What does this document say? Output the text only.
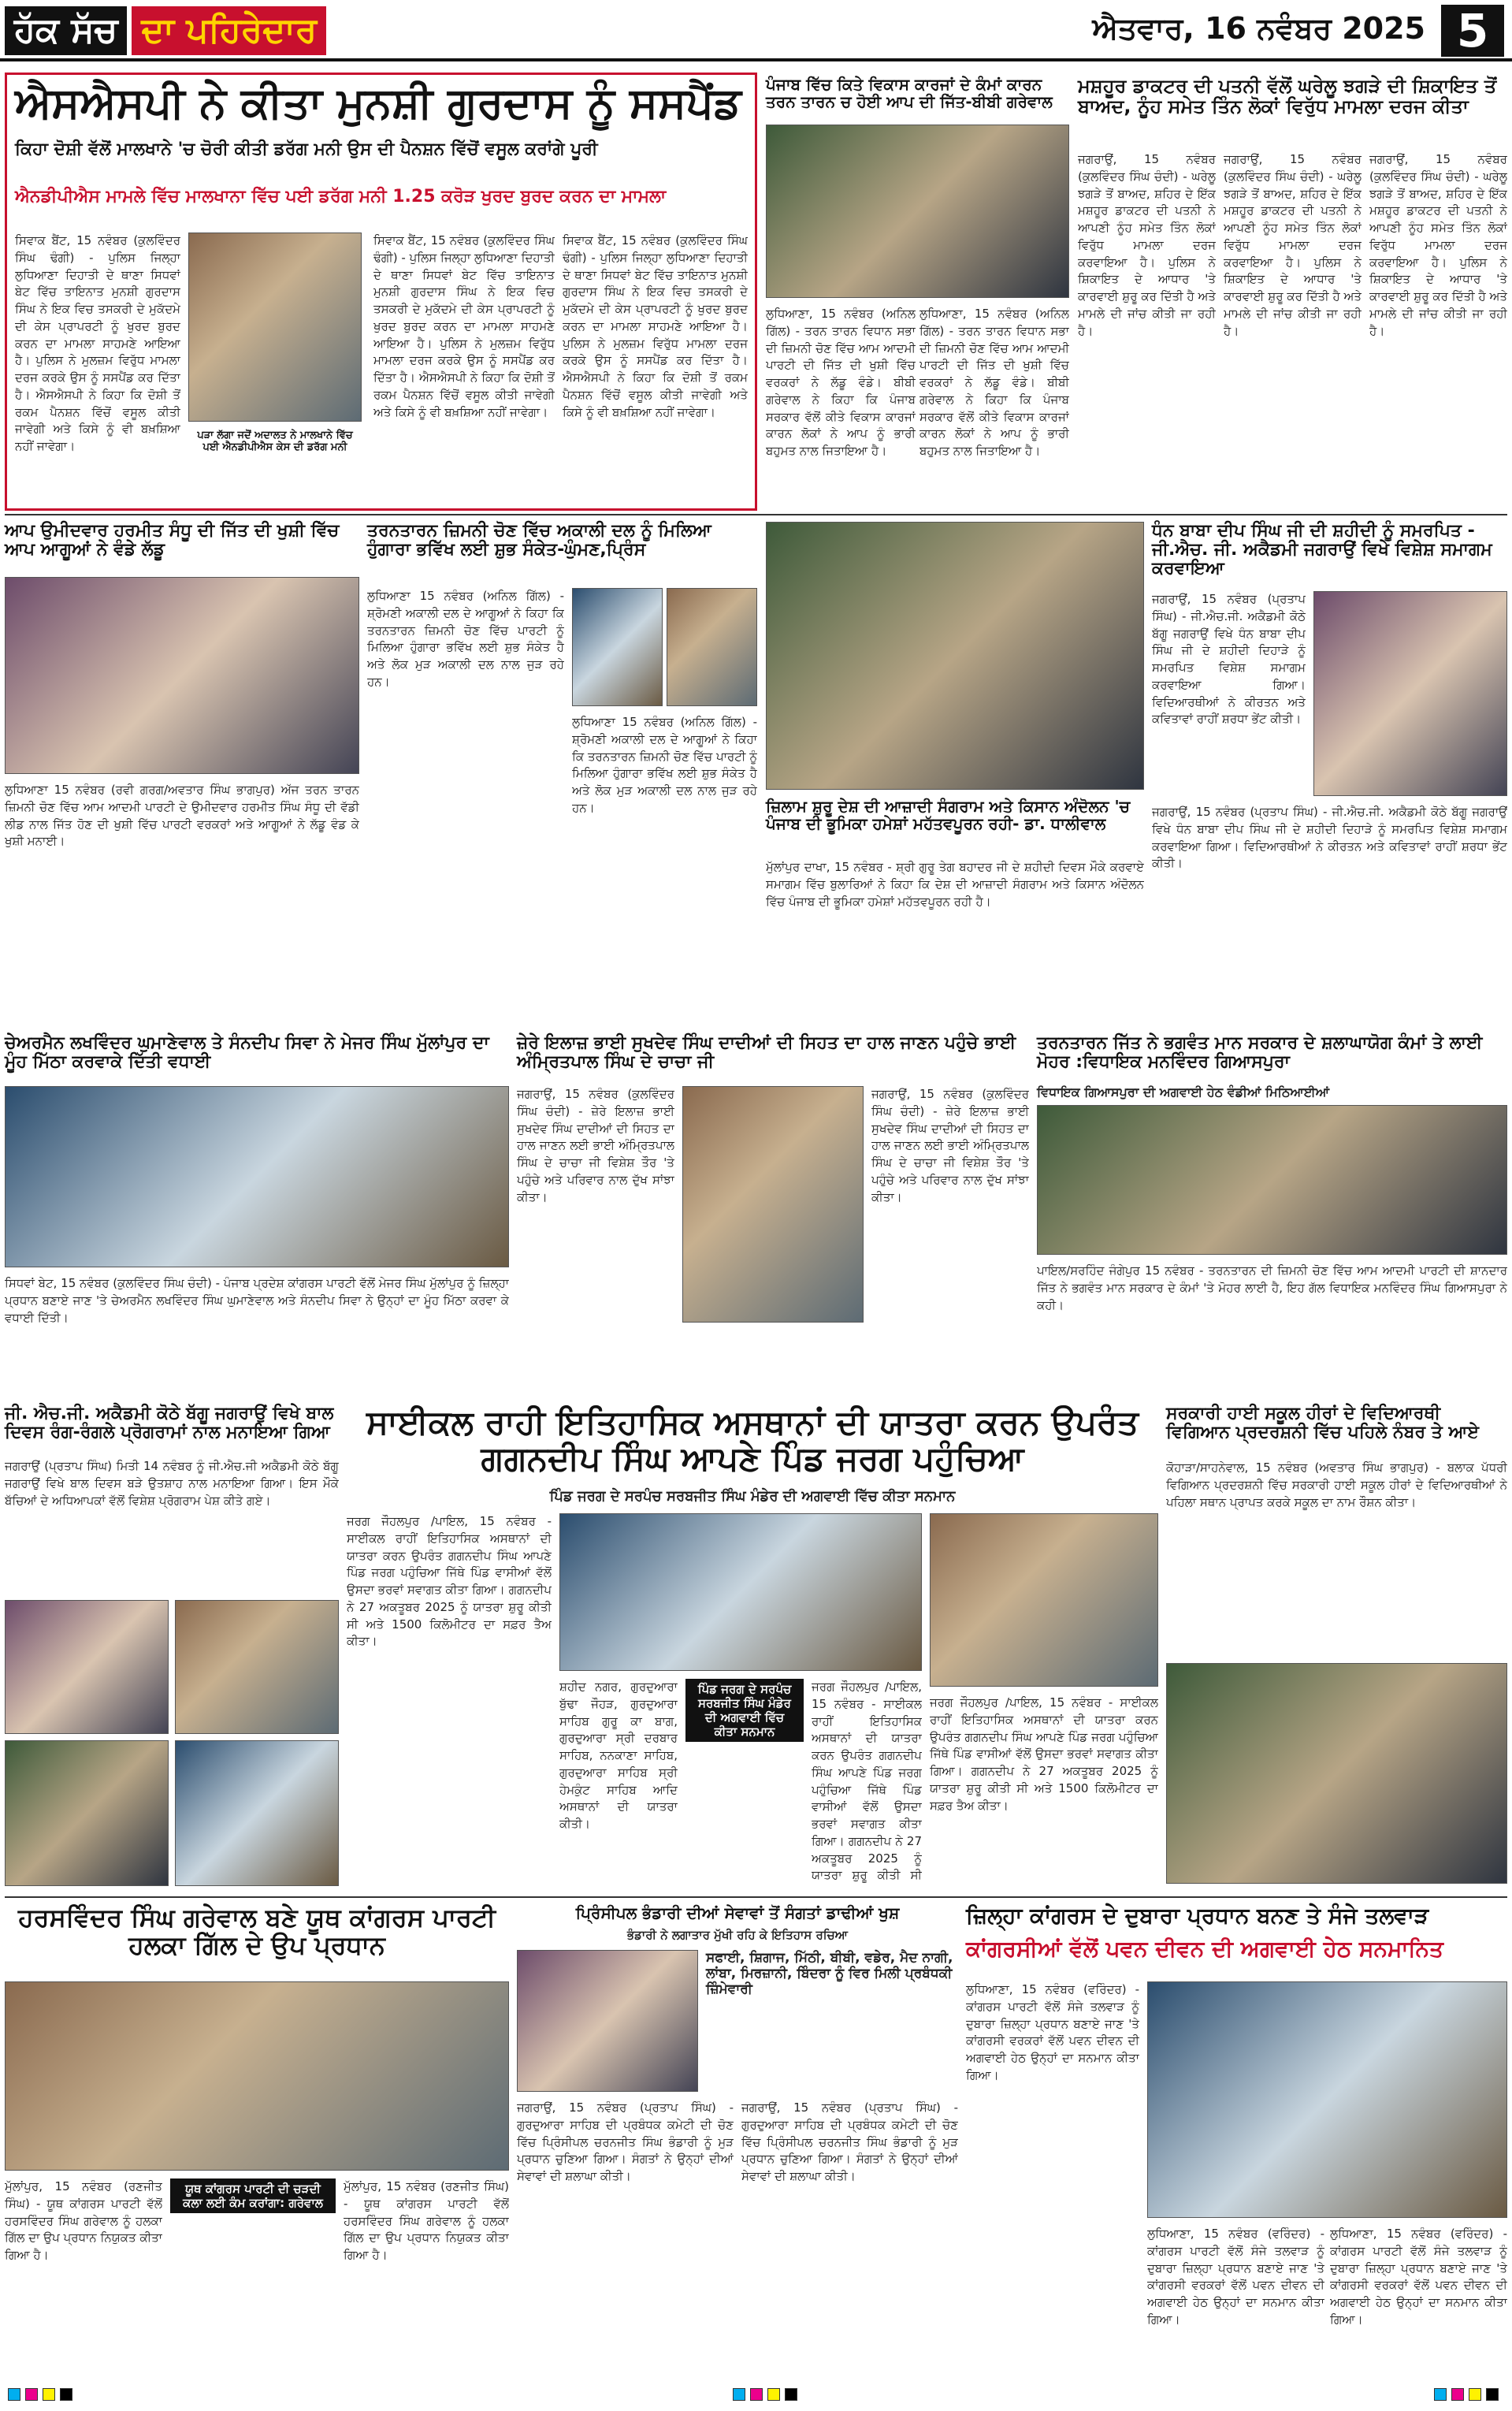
ਹੱਕ ਸੱਚ ਦਾ ਪਹਿਰੇਦਾਰ	ਐਤਵਾਰ, 16 ਨਵੰਬਰ 2025 5
ਐਸਐਸਪੀ ਨੇ ਕੀਤਾ ਮੁਨਸ਼ੀ ਗੁਰਦਾਸ ਨੂੰ ਸਸਪੈਂਡ
ਕਿਹਾ ਦੋਸ਼ੀ ਵੱਲੋਂ ਮਾਲਖਾਨੇ 'ਚ ਚੋਰੀ ਕੀਤੀ ਡਰੱਗ ਮਨੀ ਉਸ ਦੀ ਪੈਨਸ਼ਨ ਵਿੱਚੋਂ ਵਸੂਲ ਕਰਾਂਗੇ ਪੂਰੀ
ਐਨਡੀਪੀਐਸ ਮਾਮਲੇ ਵਿੱਚ ਮਾਲਖਾਨਾ ਵਿੱਚ ਪਈ ਡਰੱਗ ਮਨੀ 1.25 ਕਰੋੜ ਖੁਰਦ ਬੁਰਦ ਕਰਨ ਦਾ ਮਾਮਲਾ
ਸਿਵਾਕ ਬੈਂਟ, 15 ਨਵੰਬਰ (ਕੁਲਵਿੰਦਰ ਸਿੰਘ ਢੰਗੀ) - ਪੁਲਿਸ ਜਿਲ੍ਹਾ ਲੁਧਿਆਣਾ ਦਿਹਾਤੀ ਦੇ ਥਾਣਾ ਸਿਧਵਾਂ ਬੇਟ ਵਿੱਚ ਤਾਇਨਾਤ ਮੁਨਸ਼ੀ ਗੁਰਦਾਸ ਸਿੰਘ ਨੇ ਇਕ ਵਿਚ ਤਸਕਰੀ ਦੇ ਮੁਕੱਦਮੇ ਦੀ ਕੇਸ ਪ੍ਰਾਪਰਟੀ ਨੂੰ ਖੁਰਦ ਬੁਰਦ ਕਰਨ ਦਾ ਮਾਮਲਾ ਸਾਹਮਣੇ ਆਇਆ ਹੈ। ਪੁਲਿਸ ਨੇ ਮੁਲਜ਼ਮ ਵਿਰੁੱਧ ਮਾਮਲਾ ਦਰਜ ਕਰਕੇ ਉਸ ਨੂੰ ਸਸਪੈਂਡ ਕਰ ਦਿੱਤਾ ਹੈ। ਐਸਐਸਪੀ ਨੇ ਕਿਹਾ ਕਿ ਦੋਸ਼ੀ ਤੋਂ ਰਕਮ ਪੈਨਸ਼ਨ ਵਿੱਚੋਂ ਵਸੂਲ ਕੀਤੀ ਜਾਵੇਗੀ ਅਤੇ ਕਿਸੇ ਨੂੰ ਵੀ ਬਖ਼ਸ਼ਿਆ ਨਹੀਂ ਜਾਵੇਗਾ।
ਪੜਾ ਲੱਗਾ ਜਦੋਂ ਅਦਾਲਤ ਨੇ ਮਾਲਖਾਨੇ ਵਿੱਚ ਪਈ ਐਨਡੀਪੀਐਸ ਕੇਸ ਦੀ ਡਰੱਗ ਮਨੀ
ਸਿਵਾਕ ਬੈਂਟ, 15 ਨਵੰਬਰ (ਕੁਲਵਿੰਦਰ ਸਿੰਘ ਢੰਗੀ) - ਪੁਲਿਸ ਜਿਲ੍ਹਾ ਲੁਧਿਆਣਾ ਦਿਹਾਤੀ ਦੇ ਥਾਣਾ ਸਿਧਵਾਂ ਬੇਟ ਵਿੱਚ ਤਾਇਨਾਤ ਮੁਨਸ਼ੀ ਗੁਰਦਾਸ ਸਿੰਘ ਨੇ ਇਕ ਵਿਚ ਤਸਕਰੀ ਦੇ ਮੁਕੱਦਮੇ ਦੀ ਕੇਸ ਪ੍ਰਾਪਰਟੀ ਨੂੰ ਖੁਰਦ ਬੁਰਦ ਕਰਨ ਦਾ ਮਾਮਲਾ ਸਾਹਮਣੇ ਆਇਆ ਹੈ। ਪੁਲਿਸ ਨੇ ਮੁਲਜ਼ਮ ਵਿਰੁੱਧ ਮਾਮਲਾ ਦਰਜ ਕਰਕੇ ਉਸ ਨੂੰ ਸਸਪੈਂਡ ਕਰ ਦਿੱਤਾ ਹੈ। ਐਸਐਸਪੀ ਨੇ ਕਿਹਾ ਕਿ ਦੋਸ਼ੀ ਤੋਂ ਰਕਮ ਪੈਨਸ਼ਨ ਵਿੱਚੋਂ ਵਸੂਲ ਕੀਤੀ ਜਾਵੇਗੀ ਅਤੇ ਕਿਸੇ ਨੂੰ ਵੀ ਬਖ਼ਸ਼ਿਆ ਨਹੀਂ ਜਾਵੇਗਾ।
ਸਿਵਾਕ ਬੈਂਟ, 15 ਨਵੰਬਰ (ਕੁਲਵਿੰਦਰ ਸਿੰਘ ਢੰਗੀ) - ਪੁਲਿਸ ਜਿਲ੍ਹਾ ਲੁਧਿਆਣਾ ਦਿਹਾਤੀ ਦੇ ਥਾਣਾ ਸਿਧਵਾਂ ਬੇਟ ਵਿੱਚ ਤਾਇਨਾਤ ਮੁਨਸ਼ੀ ਗੁਰਦਾਸ ਸਿੰਘ ਨੇ ਇਕ ਵਿਚ ਤਸਕਰੀ ਦੇ ਮੁਕੱਦਮੇ ਦੀ ਕੇਸ ਪ੍ਰਾਪਰਟੀ ਨੂੰ ਖੁਰਦ ਬੁਰਦ ਕਰਨ ਦਾ ਮਾਮਲਾ ਸਾਹਮਣੇ ਆਇਆ ਹੈ। ਪੁਲਿਸ ਨੇ ਮੁਲਜ਼ਮ ਵਿਰੁੱਧ ਮਾਮਲਾ ਦਰਜ ਕਰਕੇ ਉਸ ਨੂੰ ਸਸਪੈਂਡ ਕਰ ਦਿੱਤਾ ਹੈ। ਐਸਐਸਪੀ ਨੇ ਕਿਹਾ ਕਿ ਦੋਸ਼ੀ ਤੋਂ ਰਕਮ ਪੈਨਸ਼ਨ ਵਿੱਚੋਂ ਵਸੂਲ ਕੀਤੀ ਜਾਵੇਗੀ ਅਤੇ ਕਿਸੇ ਨੂੰ ਵੀ ਬਖ਼ਸ਼ਿਆ ਨਹੀਂ ਜਾਵੇਗਾ।
ਪੰਜਾਬ ਵਿੱਚ ਕਿਤੇ ਵਿਕਾਸ ਕਾਰਜਾਂ ਦੇ ਕੰਮਾਂ ਕਾਰਨ ਤਰਨ ਤਾਰਨ ਚ ਹੋਈ ਆਪ ਦੀ ਜਿੱਤ-ਬੀਬੀ ਗਰੇਵਾਲ
ਲੁਧਿਆਣਾ, 15 ਨਵੰਬਰ (ਅਨਿਲ ਗਿੱਲ) - ਤਰਨ ਤਾਰਨ ਵਿਧਾਨ ਸਭਾ ਦੀ ਜ਼ਿਮਨੀ ਚੋਣ ਵਿੱਚ ਆਮ ਆਦਮੀ ਪਾਰਟੀ ਦੀ ਜਿੱਤ ਦੀ ਖੁਸ਼ੀ ਵਿੱਚ ਵਰਕਰਾਂ ਨੇ ਲੱਡੂ ਵੰਡੇ। ਬੀਬੀ ਗਰੇਵਾਲ ਨੇ ਕਿਹਾ ਕਿ ਪੰਜਾਬ ਸਰਕਾਰ ਵੱਲੋਂ ਕੀਤੇ ਵਿਕਾਸ ਕਾਰਜਾਂ ਕਾਰਨ ਲੋਕਾਂ ਨੇ ਆਪ ਨੂੰ ਭਾਰੀ ਬਹੁਮਤ ਨਾਲ ਜਿਤਾਇਆ ਹੈ।
ਲੁਧਿਆਣਾ, 15 ਨਵੰਬਰ (ਅਨਿਲ ਗਿੱਲ) - ਤਰਨ ਤਾਰਨ ਵਿਧਾਨ ਸਭਾ ਦੀ ਜ਼ਿਮਨੀ ਚੋਣ ਵਿੱਚ ਆਮ ਆਦਮੀ ਪਾਰਟੀ ਦੀ ਜਿੱਤ ਦੀ ਖੁਸ਼ੀ ਵਿੱਚ ਵਰਕਰਾਂ ਨੇ ਲੱਡੂ ਵੰਡੇ। ਬੀਬੀ ਗਰੇਵਾਲ ਨੇ ਕਿਹਾ ਕਿ ਪੰਜਾਬ ਸਰਕਾਰ ਵੱਲੋਂ ਕੀਤੇ ਵਿਕਾਸ ਕਾਰਜਾਂ ਕਾਰਨ ਲੋਕਾਂ ਨੇ ਆਪ ਨੂੰ ਭਾਰੀ ਬਹੁਮਤ ਨਾਲ ਜਿਤਾਇਆ ਹੈ।
ਮਸ਼ਹੂਰ ਡਾਕਟਰ ਦੀ ਪਤਨੀ ਵੱਲੋਂ ਘਰੇਲੂ ਝਗੜੇ ਦੀ ਸ਼ਿਕਾਇਤ ਤੋਂ ਬਾਅਦ, ਨੂੰਹ ਸਮੇਤ ਤਿੰਨ ਲੋਕਾਂ ਵਿਰੁੱਧ ਮਾਮਲਾ ਦਰਜ ਕੀਤਾ
ਜਗਰਾਉਂ, 15 ਨਵੰਬਰ (ਕੁਲਵਿੰਦਰ ਸਿੰਘ ਚੰਦੀ) - ਘਰੇਲੂ ਝਗੜੇ ਤੋਂ ਬਾਅਦ, ਸ਼ਹਿਰ ਦੇ ਇੱਕ ਮਸ਼ਹੂਰ ਡਾਕਟਰ ਦੀ ਪਤਨੀ ਨੇ ਆਪਣੀ ਨੂੰਹ ਸਮੇਤ ਤਿੰਨ ਲੋਕਾਂ ਵਿਰੁੱਧ ਮਾਮਲਾ ਦਰਜ ਕਰਵਾਇਆ ਹੈ। ਪੁਲਿਸ ਨੇ ਸ਼ਿਕਾਇਤ ਦੇ ਆਧਾਰ 'ਤੇ ਕਾਰਵਾਈ ਸ਼ੁਰੂ ਕਰ ਦਿੱਤੀ ਹੈ ਅਤੇ ਮਾਮਲੇ ਦੀ ਜਾਂਚ ਕੀਤੀ ਜਾ ਰਹੀ ਹੈ।
ਜਗਰਾਉਂ, 15 ਨਵੰਬਰ (ਕੁਲਵਿੰਦਰ ਸਿੰਘ ਚੰਦੀ) - ਘਰੇਲੂ ਝਗੜੇ ਤੋਂ ਬਾਅਦ, ਸ਼ਹਿਰ ਦੇ ਇੱਕ ਮਸ਼ਹੂਰ ਡਾਕਟਰ ਦੀ ਪਤਨੀ ਨੇ ਆਪਣੀ ਨੂੰਹ ਸਮੇਤ ਤਿੰਨ ਲੋਕਾਂ ਵਿਰੁੱਧ ਮਾਮਲਾ ਦਰਜ ਕਰਵਾਇਆ ਹੈ। ਪੁਲਿਸ ਨੇ ਸ਼ਿਕਾਇਤ ਦੇ ਆਧਾਰ 'ਤੇ ਕਾਰਵਾਈ ਸ਼ੁਰੂ ਕਰ ਦਿੱਤੀ ਹੈ ਅਤੇ ਮਾਮਲੇ ਦੀ ਜਾਂਚ ਕੀਤੀ ਜਾ ਰਹੀ ਹੈ।
ਜਗਰਾਉਂ, 15 ਨਵੰਬਰ (ਕੁਲਵਿੰਦਰ ਸਿੰਘ ਚੰਦੀ) - ਘਰੇਲੂ ਝਗੜੇ ਤੋਂ ਬਾਅਦ, ਸ਼ਹਿਰ ਦੇ ਇੱਕ ਮਸ਼ਹੂਰ ਡਾਕਟਰ ਦੀ ਪਤਨੀ ਨੇ ਆਪਣੀ ਨੂੰਹ ਸਮੇਤ ਤਿੰਨ ਲੋਕਾਂ ਵਿਰੁੱਧ ਮਾਮਲਾ ਦਰਜ ਕਰਵਾਇਆ ਹੈ। ਪੁਲਿਸ ਨੇ ਸ਼ਿਕਾਇਤ ਦੇ ਆਧਾਰ 'ਤੇ ਕਾਰਵਾਈ ਸ਼ੁਰੂ ਕਰ ਦਿੱਤੀ ਹੈ ਅਤੇ ਮਾਮਲੇ ਦੀ ਜਾਂਚ ਕੀਤੀ ਜਾ ਰਹੀ ਹੈ।
ਆਪ ਉਮੀਦਵਾਰ ਹਰਮੀਤ ਸੰਧੂ ਦੀ ਜਿੱਤ ਦੀ ਖੁਸ਼ੀ ਵਿੱਚ ਆਪ ਆਗੂਆਂ ਨੇ ਵੰਡੇ ਲੱਡੂ
ਲੁਧਿਆਣਾ 15 ਨਵੰਬਰ (ਰਵੀ ਗਰਗ/ਅਵਤਾਰ ਸਿੰਘ ਭਾਗਪੁਰ) ਅੱਜ ਤਰਨ ਤਾਰਨ ਜ਼ਿਮਨੀ ਚੋਣ ਵਿੱਚ ਆਮ ਆਦਮੀ ਪਾਰਟੀ ਦੇ ਉਮੀਦਵਾਰ ਹਰਮੀਤ ਸਿੰਘ ਸੰਧੂ ਦੀ ਵੱਡੀ ਲੀਡ ਨਾਲ ਜਿੱਤ ਹੋਣ ਦੀ ਖੁਸ਼ੀ ਵਿੱਚ ਪਾਰਟੀ ਵਰਕਰਾਂ ਅਤੇ ਆਗੂਆਂ ਨੇ ਲੱਡੂ ਵੰਡ ਕੇ ਖੁਸ਼ੀ ਮਨਾਈ।
ਤਰਨਤਾਰਨ ਜ਼ਿਮਨੀ ਚੋਣ ਵਿੱਚ ਅਕਾਲੀ ਦਲ ਨੂੰ ਮਿਲਿਆ ਹੁੰਗਾਰਾ ਭਵਿੱਖ ਲਈ ਸ਼ੁਭ ਸੰਕੇਤ-ਘੁੰਮਣ,ਪ੍ਰਿੰਸ
ਲੁਧਿਆਣਾ 15 ਨਵੰਬਰ (ਅਨਿਲ ਗਿੱਲ) - ਸ਼੍ਰੋਮਣੀ ਅਕਾਲੀ ਦਲ ਦੇ ਆਗੂਆਂ ਨੇ ਕਿਹਾ ਕਿ ਤਰਨਤਾਰਨ ਜ਼ਿਮਨੀ ਚੋਣ ਵਿੱਚ ਪਾਰਟੀ ਨੂੰ ਮਿਲਿਆ ਹੁੰਗਾਰਾ ਭਵਿੱਖ ਲਈ ਸ਼ੁਭ ਸੰਕੇਤ ਹੈ ਅਤੇ ਲੋਕ ਮੁੜ ਅਕਾਲੀ ਦਲ ਨਾਲ ਜੁੜ ਰਹੇ ਹਨ।
ਲੁਧਿਆਣਾ 15 ਨਵੰਬਰ (ਅਨਿਲ ਗਿੱਲ) - ਸ਼੍ਰੋਮਣੀ ਅਕਾਲੀ ਦਲ ਦੇ ਆਗੂਆਂ ਨੇ ਕਿਹਾ ਕਿ ਤਰਨਤਾਰਨ ਜ਼ਿਮਨੀ ਚੋਣ ਵਿੱਚ ਪਾਰਟੀ ਨੂੰ ਮਿਲਿਆ ਹੁੰਗਾਰਾ ਭਵਿੱਖ ਲਈ ਸ਼ੁਭ ਸੰਕੇਤ ਹੈ ਅਤੇ ਲੋਕ ਮੁੜ ਅਕਾਲੀ ਦਲ ਨਾਲ ਜੁੜ ਰਹੇ ਹਨ।	ਜ਼ਿਲਾਮ ਸ਼ੁਰੂ ਦੇਸ਼ ਦੀ ਆਜ਼ਾਦੀ ਸੰਗਰਾਮ ਅਤੇ ਕਿਸਾਨ ਅੰਦੋਲਨ 'ਚ ਪੰਜਾਬ ਦੀ ਭੂਮਿਕਾ ਹਮੇਸ਼ਾਂ ਮਹੱਤਵਪੂਰਨ ਰਹੀ- ਡਾ. ਧਾਲੀਵਾਲ
ਮੁੱਲਾਂਪੁਰ ਦਾਖਾ, 15 ਨਵੰਬਰ - ਸ਼੍ਰੀ ਗੁਰੂ ਤੇਗ ਬਹਾਦਰ ਜੀ ਦੇ ਸ਼ਹੀਦੀ ਦਿਵਸ ਮੌਕੇ ਕਰਵਾਏ ਸਮਾਗਮ ਵਿੱਚ ਬੁਲਾਰਿਆਂ ਨੇ ਕਿਹਾ ਕਿ ਦੇਸ਼ ਦੀ ਆਜ਼ਾਦੀ ਸੰਗਰਾਮ ਅਤੇ ਕਿਸਾਨ ਅੰਦੋਲਨ ਵਿੱਚ ਪੰਜਾਬ ਦੀ ਭੂਮਿਕਾ ਹਮੇਸ਼ਾਂ ਮਹੱਤਵਪੂਰਨ ਰਹੀ ਹੈ।
ਧੰਨ ਬਾਬਾ ਦੀਪ ਸਿੰਘ ਜੀ ਦੀ ਸ਼ਹੀਦੀ ਨੂੰ ਸਮਰਪਿਤ - ਜੀ.ਐਚ. ਜੀ. ਅਕੈਡਮੀ ਜਗਰਾਉਂ ਵਿਖੇ ਵਿਸ਼ੇਸ਼ ਸਮਾਗਮ ਕਰਵਾਇਆ
ਜਗਰਾਉਂ, 15 ਨਵੰਬਰ (ਪ੍ਰਤਾਪ ਸਿੰਘ) - ਜੀ.ਐਚ.ਜੀ. ਅਕੈਡਮੀ ਕੋਠੇ ਬੱਗੂ ਜਗਰਾਉਂ ਵਿਖੇ ਧੰਨ ਬਾਬਾ ਦੀਪ ਸਿੰਘ ਜੀ ਦੇ ਸ਼ਹੀਦੀ ਦਿਹਾੜੇ ਨੂੰ ਸਮਰਪਿਤ ਵਿਸ਼ੇਸ਼ ਸਮਾਗਮ ਕਰਵਾਇਆ ਗਿਆ। ਵਿਦਿਆਰਥੀਆਂ ਨੇ ਕੀਰਤਨ ਅਤੇ ਕਵਿਤਾਵਾਂ ਰਾਹੀਂ ਸ਼ਰਧਾ ਭੇਂਟ ਕੀਤੀ।
ਜਗਰਾਉਂ, 15 ਨਵੰਬਰ (ਪ੍ਰਤਾਪ ਸਿੰਘ) - ਜੀ.ਐਚ.ਜੀ. ਅਕੈਡਮੀ ਕੋਠੇ ਬੱਗੂ ਜਗਰਾਉਂ ਵਿਖੇ ਧੰਨ ਬਾਬਾ ਦੀਪ ਸਿੰਘ ਜੀ ਦੇ ਸ਼ਹੀਦੀ ਦਿਹਾੜੇ ਨੂੰ ਸਮਰਪਿਤ ਵਿਸ਼ੇਸ਼ ਸਮਾਗਮ ਕਰਵਾਇਆ ਗਿਆ। ਵਿਦਿਆਰਥੀਆਂ ਨੇ ਕੀਰਤਨ ਅਤੇ ਕਵਿਤਾਵਾਂ ਰਾਹੀਂ ਸ਼ਰਧਾ ਭੇਂਟ ਕੀਤੀ।
ਚੇਅਰਮੈਨ ਲਖਵਿੰਦਰ ਘੁਮਾਣੇਵਾਲ ਤੇ ਸੰਨਦੀਪ ਸਿਵਾ ਨੇ ਮੇਜਰ ਸਿੰਘ ਮੁੱਲਾਂਪੁਰ ਦਾ ਮੂੰਹ ਮਿੱਠਾ ਕਰਵਾਕੇ ਦਿੱਤੀ ਵਧਾਈ
ਸਿਧਵਾਂ ਬੇਟ, 15 ਨਵੰਬਰ (ਕੁਲਵਿੰਦਰ ਸਿੰਘ ਚੰਦੀ) - ਪੰਜਾਬ ਪ੍ਰਦੇਸ਼ ਕਾਂਗਰਸ ਪਾਰਟੀ ਵੱਲੋਂ ਮੇਜਰ ਸਿੰਘ ਮੁੱਲਾਂਪੁਰ ਨੂੰ ਜ਼ਿਲ੍ਹਾ ਪ੍ਰਧਾਨ ਬਣਾਏ ਜਾਣ 'ਤੇ ਚੇਅਰਮੈਨ ਲਖਵਿੰਦਰ ਸਿੰਘ ਘੁਮਾਣੇਵਾਲ ਅਤੇ ਸੰਨਦੀਪ ਸਿਵਾ ਨੇ ਉਨ੍ਹਾਂ ਦਾ ਮੂੰਹ ਮਿੱਠਾ ਕਰਵਾ ਕੇ ਵਧਾਈ ਦਿੱਤੀ।
ਜ਼ੇਰੇ ਇਲਾਜ਼ ਭਾਈ ਸੁਖਦੇਵ ਸਿੰਘ ਦਾਦੀਆਂ ਦੀ ਸਿਹਤ ਦਾ ਹਾਲ ਜਾਣਨ ਪਹੁੰਚੇ ਭਾਈ ਅੰਮ੍ਰਿਤਪਾਲ ਸਿੰਘ ਦੇ ਚਾਚਾ ਜੀ
ਜਗਰਾਉਂ, 15 ਨਵੰਬਰ (ਕੁਲਵਿੰਦਰ ਸਿੰਘ ਚੰਦੀ) - ਜ਼ੇਰੇ ਇਲਾਜ਼ ਭਾਈ ਸੁਖਦੇਵ ਸਿੰਘ ਦਾਦੀਆਂ ਦੀ ਸਿਹਤ ਦਾ ਹਾਲ ਜਾਣਨ ਲਈ ਭਾਈ ਅੰਮ੍ਰਿਤਪਾਲ ਸਿੰਘ ਦੇ ਚਾਚਾ ਜੀ ਵਿਸ਼ੇਸ਼ ਤੌਰ 'ਤੇ ਪਹੁੰਚੇ ਅਤੇ ਪਰਿਵਾਰ ਨਾਲ ਦੁੱਖ ਸਾਂਝਾ ਕੀਤਾ।
ਜਗਰਾਉਂ, 15 ਨਵੰਬਰ (ਕੁਲਵਿੰਦਰ ਸਿੰਘ ਚੰਦੀ) - ਜ਼ੇਰੇ ਇਲਾਜ਼ ਭਾਈ ਸੁਖਦੇਵ ਸਿੰਘ ਦਾਦੀਆਂ ਦੀ ਸਿਹਤ ਦਾ ਹਾਲ ਜਾਣਨ ਲਈ ਭਾਈ ਅੰਮ੍ਰਿਤਪਾਲ ਸਿੰਘ ਦੇ ਚਾਚਾ ਜੀ ਵਿਸ਼ੇਸ਼ ਤੌਰ 'ਤੇ ਪਹੁੰਚੇ ਅਤੇ ਪਰਿਵਾਰ ਨਾਲ ਦੁੱਖ ਸਾਂਝਾ ਕੀਤਾ।
ਤਰਨਤਾਰਨ ਜਿੱਤ ਨੇ ਭਗਵੰਤ ਮਾਨ ਸਰਕਾਰ ਦੇ ਸ਼ਲਾਘਾਯੋਗ ਕੰਮਾਂ ਤੇ ਲਾਈ ਮੋਹਰ :ਵਿਧਾਇਕ ਮਨਵਿੰਦਰ ਗਿਆਸਪੁਰਾ
ਵਿਧਾਇਕ ਗਿਆਸਪੁਰਾ ਦੀ ਅਗਵਾਈ ਹੇਠ ਵੰਡੀਆਂ ਮਿਠਿਆਈਆਂ
ਪਾਇਲ/ਸਰਹਿੰਦ ਜੰਗੇਪੁਰ 15 ਨਵੰਬਰ - ਤਰਨਤਾਰਨ ਦੀ ਜ਼ਿਮਨੀ ਚੋਣ ਵਿੱਚ ਆਮ ਆਦਮੀ ਪਾਰਟੀ ਦੀ ਸ਼ਾਨਦਾਰ ਜਿੱਤ ਨੇ ਭਗਵੰਤ ਮਾਨ ਸਰਕਾਰ ਦੇ ਕੰਮਾਂ 'ਤੇ ਮੋਹਰ ਲਾਈ ਹੈ, ਇਹ ਗੱਲ ਵਿਧਾਇਕ ਮਨਵਿੰਦਰ ਸਿੰਘ ਗਿਆਸਪੁਰਾ ਨੇ ਕਹੀ।
ਸਾਈਕਲ ਰਾਹੀ ਇਤਿਹਾਸਿਕ ਅਸਥਾਨਾਂ ਦੀ ਯਾਤਰਾ ਕਰਨ ਉਪਰੰਤ ਗਗਨਦੀਪ ਸਿੰਘ ਆਪਣੇ ਪਿੰਡ ਜਰਗ ਪਹੁੰਚਿਆ
ਪਿੰਡ ਜਰਗ ਦੇ ਸਰਪੰਚ ਸਰਬਜੀਤ ਸਿੰਘ ਮੰਡੇਰ ਦੀ ਅਗਵਾਈ ਵਿੱਚ ਕੀਤਾ ਸਨਮਾਨ
ਜਰਗ ਜੌਹਲਪੁਰ /ਪਾਇਲ, 15 ਨਵੰਬਰ - ਸਾਈਕਲ ਰਾਹੀਂ ਇਤਿਹਾਸਿਕ ਅਸਥਾਨਾਂ ਦੀ ਯਾਤਰਾ ਕਰਨ ਉਪਰੰਤ ਗਗਨਦੀਪ ਸਿੰਘ ਆਪਣੇ ਪਿੰਡ ਜਰਗ ਪਹੁੰਚਿਆ ਜਿੱਥੇ ਪਿੰਡ ਵਾਸੀਆਂ ਵੱਲੋਂ ਉਸਦਾ ਭਰਵਾਂ ਸਵਾਗਤ ਕੀਤਾ ਗਿਆ। ਗਗਨਦੀਪ ਨੇ 27 ਅਕਤੂਬਰ 2025 ਨੂੰ ਯਾਤਰਾ ਸ਼ੁਰੂ ਕੀਤੀ ਸੀ ਅਤੇ 1500 ਕਿਲੋਮੀਟਰ ਦਾ ਸਫ਼ਰ ਤੈਅ ਕੀਤਾ।
ਸ਼ਹੀਦ ਨਗਰ, ਗੁਰਦੁਆਰਾ ਬੁੱਢਾ ਜੌਹੜ, ਗੁਰਦੁਆਰਾ ਸਾਹਿਬ ਗੁਰੂ ਕਾ ਬਾਗ, ਗੁਰਦੁਆਰਾ ਸ੍ਰੀ ਦਰਬਾਰ ਸਾਹਿਬ, ਨਨਕਾਣਾ ਸਾਹਿਬ, ਗੁਰਦੁਆਰਾ ਸਾਹਿਬ ਸ੍ਰੀ ਹੇਮਕੁੰਟ ਸਾਹਿਬ ਆਦਿ ਅਸਥਾਨਾਂ ਦੀ ਯਾਤਰਾ ਕੀਤੀ।
ਪਿੰਡ ਜਰਗ ਦੇ ਸਰਪੰਚ ਸਰਬਜੀਤ ਸਿੰਘ ਮੰਡੇਰ ਦੀ ਅਗਵਾਈ ਵਿੱਚ ਕੀਤਾ ਸਨਮਾਨ
ਜਰਗ ਜੌਹਲਪੁਰ /ਪਾਇਲ, 15 ਨਵੰਬਰ - ਸਾਈਕਲ ਰਾਹੀਂ ਇਤਿਹਾਸਿਕ ਅਸਥਾਨਾਂ ਦੀ ਯਾਤਰਾ ਕਰਨ ਉਪਰੰਤ ਗਗਨਦੀਪ ਸਿੰਘ ਆਪਣੇ ਪਿੰਡ ਜਰਗ ਪਹੁੰਚਿਆ ਜਿੱਥੇ ਪਿੰਡ ਵਾਸੀਆਂ ਵੱਲੋਂ ਉਸਦਾ ਭਰਵਾਂ ਸਵਾਗਤ ਕੀਤਾ ਗਿਆ। ਗਗਨਦੀਪ ਨੇ 27 ਅਕਤੂਬਰ 2025 ਨੂੰ ਯਾਤਰਾ ਸ਼ੁਰੂ ਕੀਤੀ ਸੀ
ਜਰਗ ਜੌਹਲਪੁਰ /ਪਾਇਲ, 15 ਨਵੰਬਰ - ਸਾਈਕਲ ਰਾਹੀਂ ਇਤਿਹਾਸਿਕ ਅਸਥਾਨਾਂ ਦੀ ਯਾਤਰਾ ਕਰਨ ਉਪਰੰਤ ਗਗਨਦੀਪ ਸਿੰਘ ਆਪਣੇ ਪਿੰਡ ਜਰਗ ਪਹੁੰਚਿਆ ਜਿੱਥੇ ਪਿੰਡ ਵਾਸੀਆਂ ਵੱਲੋਂ ਉਸਦਾ ਭਰਵਾਂ ਸਵਾਗਤ ਕੀਤਾ ਗਿਆ। ਗਗਨਦੀਪ ਨੇ 27 ਅਕਤੂਬਰ 2025 ਨੂੰ ਯਾਤਰਾ ਸ਼ੁਰੂ ਕੀਤੀ ਸੀ ਅਤੇ 1500 ਕਿਲੋਮੀਟਰ ਦਾ ਸਫ਼ਰ ਤੈਅ ਕੀਤਾ।
ਜੀ. ਐਚ.ਜੀ. ਅਕੈਡਮੀ ਕੋਠੇ ਬੱਗੂ ਜਗਰਾਉਂ ਵਿਖੇ ਬਾਲ ਦਿਵਸ ਰੰਗ-ਰੰਗਲੇ ਪ੍ਰੋਗਰਾਮਾਂ ਨਾਲ ਮਨਾਇਆ ਗਿਆ
ਜਗਰਾਉਂ (ਪ੍ਰਤਾਪ ਸਿੰਘ) ਮਿਤੀ 14 ਨਵੰਬਰ ਨੂੰ ਜੀ.ਐਚ.ਜੀ ਅਕੈਡਮੀ ਕੋਠੇ ਬੱਗੂ ਜਗਰਾਉਂ ਵਿਖੇ ਬਾਲ ਦਿਵਸ ਬੜੇ ਉਤਸ਼ਾਹ ਨਾਲ ਮਨਾਇਆ ਗਿਆ। ਇਸ ਮੌਕੇ ਬੱਚਿਆਂ ਦੇ ਅਧਿਆਪਕਾਂ ਵੱਲੋਂ ਵਿਸ਼ੇਸ਼ ਪ੍ਰੋਗਰਾਮ ਪੇਸ਼ ਕੀਤੇ ਗਏ।
ਸਰਕਾਰੀ ਹਾਈ ਸਕੂਲ ਹੀਰਾਂ ਦੇ ਵਿਦਿਆਰਥੀ ਵਿਗਿਆਨ ਪ੍ਰਦਰਸ਼ਨੀ ਵਿੱਚ ਪਹਿਲੇ ਨੰਬਰ ਤੇ ਆਏ
ਕੋਹਾੜਾ/ਸਾਹਨੇਵਾਲ, 15 ਨਵੰਬਰ (ਅਵਤਾਰ ਸਿੰਘ ਭਾਗਪੁਰ) - ਬਲਾਕ ਪੱਧਰੀ ਵਿਗਿਆਨ ਪ੍ਰਦਰਸ਼ਨੀ ਵਿੱਚ ਸਰਕਾਰੀ ਹਾਈ ਸਕੂਲ ਹੀਰਾਂ ਦੇ ਵਿਦਿਆਰਥੀਆਂ ਨੇ ਪਹਿਲਾ ਸਥਾਨ ਪ੍ਰਾਪਤ ਕਰਕੇ ਸਕੂਲ ਦਾ ਨਾਮ ਰੌਸ਼ਨ ਕੀਤਾ।
ਹਰਸਵਿੰਦਰ ਸਿੰਘ ਗਰੇਵਾਲ ਬਣੇ ਯੂਥ ਕਾਂਗਰਸ ਪਾਰਟੀ ਹਲਕਾ ਗਿੱਲ ਦੇ ਉਪ ਪ੍ਰਧਾਨ
ਮੁੱਲਾਂਪੁਰ, 15 ਨਵੰਬਰ (ਰਣਜੀਤ ਸਿੰਘ) - ਯੂਥ ਕਾਂਗਰਸ ਪਾਰਟੀ ਵੱਲੋਂ ਹਰਸਵਿੰਦਰ ਸਿੰਘ ਗਰੇਵਾਲ ਨੂੰ ਹਲਕਾ ਗਿੱਲ ਦਾ ਉਪ ਪ੍ਰਧਾਨ ਨਿਯੁਕਤ ਕੀਤਾ ਗਿਆ ਹੈ।
ਯੂਥ ਕਾਂਗਰਸ ਪਾਰਟੀ ਦੀ ਚੜਦੀ ਕਲਾ ਲਈ ਕੰਮ ਕਰਾਂਗਾ: ਗਰੇਵਾਲ
ਮੁੱਲਾਂਪੁਰ, 15 ਨਵੰਬਰ (ਰਣਜੀਤ ਸਿੰਘ) - ਯੂਥ ਕਾਂਗਰਸ ਪਾਰਟੀ ਵੱਲੋਂ ਹਰਸਵਿੰਦਰ ਸਿੰਘ ਗਰੇਵਾਲ ਨੂੰ ਹਲਕਾ ਗਿੱਲ ਦਾ ਉਪ ਪ੍ਰਧਾਨ ਨਿਯੁਕਤ ਕੀਤਾ ਗਿਆ ਹੈ।
ਪ੍ਰਿੰਸੀਪਲ ਭੰਡਾਰੀ ਦੀਆਂ ਸੇਵਾਵਾਂ ਤੋਂ ਸੰਗਤਾਂ ਡਾਢੀਆਂ ਖੁਸ਼
ਭੰਡਾਰੀ ਨੇ ਲਗਾਤਾਰ ਮੁੱਖੀ ਰਹਿ ਕੇ ਇਤਿਹਾਸ ਰਚਿਆ
ਸਫਾਈ, ਸ਼ਿਗਾਜ, ਮਿੱਠੀ, ਬੀਬੀ, ਵਡੇਰ, ਮੈਦ ਨਾਗੀ, ਲਾਂਬਾ, ਮਿਰਜ਼ਾਨੀ, ਬਿੰਦਰਾ ਨੂੰ ਵਿਰ ਮਿਲੀ ਪ੍ਰਬੰਧਕੀ ਜ਼ਿੰਮੇਵਾਰੀ
ਜਗਰਾਉਂ, 15 ਨਵੰਬਰ (ਪ੍ਰਤਾਪ ਸਿੰਘ) - ਗੁਰਦੁਆਰਾ ਸਾਹਿਬ ਦੀ ਪ੍ਰਬੰਧਕ ਕਮੇਟੀ ਦੀ ਚੋਣ ਵਿੱਚ ਪ੍ਰਿੰਸੀਪਲ ਚਰਨਜੀਤ ਸਿੰਘ ਭੰਡਾਰੀ ਨੂੰ ਮੁੜ ਪ੍ਰਧਾਨ ਚੁਣਿਆ ਗਿਆ। ਸੰਗਤਾਂ ਨੇ ਉਨ੍ਹਾਂ ਦੀਆਂ ਸੇਵਾਵਾਂ ਦੀ ਸ਼ਲਾਘਾ ਕੀਤੀ।
ਜਗਰਾਉਂ, 15 ਨਵੰਬਰ (ਪ੍ਰਤਾਪ ਸਿੰਘ) - ਗੁਰਦੁਆਰਾ ਸਾਹਿਬ ਦੀ ਪ੍ਰਬੰਧਕ ਕਮੇਟੀ ਦੀ ਚੋਣ ਵਿੱਚ ਪ੍ਰਿੰਸੀਪਲ ਚਰਨਜੀਤ ਸਿੰਘ ਭੰਡਾਰੀ ਨੂੰ ਮੁੜ ਪ੍ਰਧਾਨ ਚੁਣਿਆ ਗਿਆ। ਸੰਗਤਾਂ ਨੇ ਉਨ੍ਹਾਂ ਦੀਆਂ ਸੇਵਾਵਾਂ ਦੀ ਸ਼ਲਾਘਾ ਕੀਤੀ।
ਜ਼ਿਲ੍ਹਾ ਕਾਂਗਰਸ ਦੇ ਦੁਬਾਰਾ ਪ੍ਰਧਾਨ ਬਨਣ ਤੇ ਸੰਜੇ ਤਲਵਾੜ
ਕਾਂਗਰਸੀਆਂ ਵੱਲੋਂ ਪਵਨ ਦੀਵਨ ਦੀ ਅਗਵਾਈ ਹੇਠ ਸਨਮਾਨਿਤ
ਲੁਧਿਆਣਾ, 15 ਨਵੰਬਰ (ਵਰਿੰਦਰ) - ਕਾਂਗਰਸ ਪਾਰਟੀ ਵੱਲੋਂ ਸੰਜੇ ਤਲਵਾੜ ਨੂੰ ਦੁਬਾਰਾ ਜ਼ਿਲ੍ਹਾ ਪ੍ਰਧਾਨ ਬਣਾਏ ਜਾਣ 'ਤੇ ਕਾਂਗਰਸੀ ਵਰਕਰਾਂ ਵੱਲੋਂ ਪਵਨ ਦੀਵਨ ਦੀ ਅਗਵਾਈ ਹੇਠ ਉਨ੍ਹਾਂ ਦਾ ਸਨਮਾਨ ਕੀਤਾ ਗਿਆ।
ਲੁਧਿਆਣਾ, 15 ਨਵੰਬਰ (ਵਰਿੰਦਰ) - ਕਾਂਗਰਸ ਪਾਰਟੀ ਵੱਲੋਂ ਸੰਜੇ ਤਲਵਾੜ ਨੂੰ ਦੁਬਾਰਾ ਜ਼ਿਲ੍ਹਾ ਪ੍ਰਧਾਨ ਬਣਾਏ ਜਾਣ 'ਤੇ ਕਾਂਗਰਸੀ ਵਰਕਰਾਂ ਵੱਲੋਂ ਪਵਨ ਦੀਵਨ ਦੀ ਅਗਵਾਈ ਹੇਠ ਉਨ੍ਹਾਂ ਦਾ ਸਨਮਾਨ ਕੀਤਾ ਗਿਆ।
ਲੁਧਿਆਣਾ, 15 ਨਵੰਬਰ (ਵਰਿੰਦਰ) - ਕਾਂਗਰਸ ਪਾਰਟੀ ਵੱਲੋਂ ਸੰਜੇ ਤਲਵਾੜ ਨੂੰ ਦੁਬਾਰਾ ਜ਼ਿਲ੍ਹਾ ਪ੍ਰਧਾਨ ਬਣਾਏ ਜਾਣ 'ਤੇ ਕਾਂਗਰਸੀ ਵਰਕਰਾਂ ਵੱਲੋਂ ਪਵਨ ਦੀਵਨ ਦੀ ਅਗਵਾਈ ਹੇਠ ਉਨ੍ਹਾਂ ਦਾ ਸਨਮਾਨ ਕੀਤਾ ਗਿਆ।
